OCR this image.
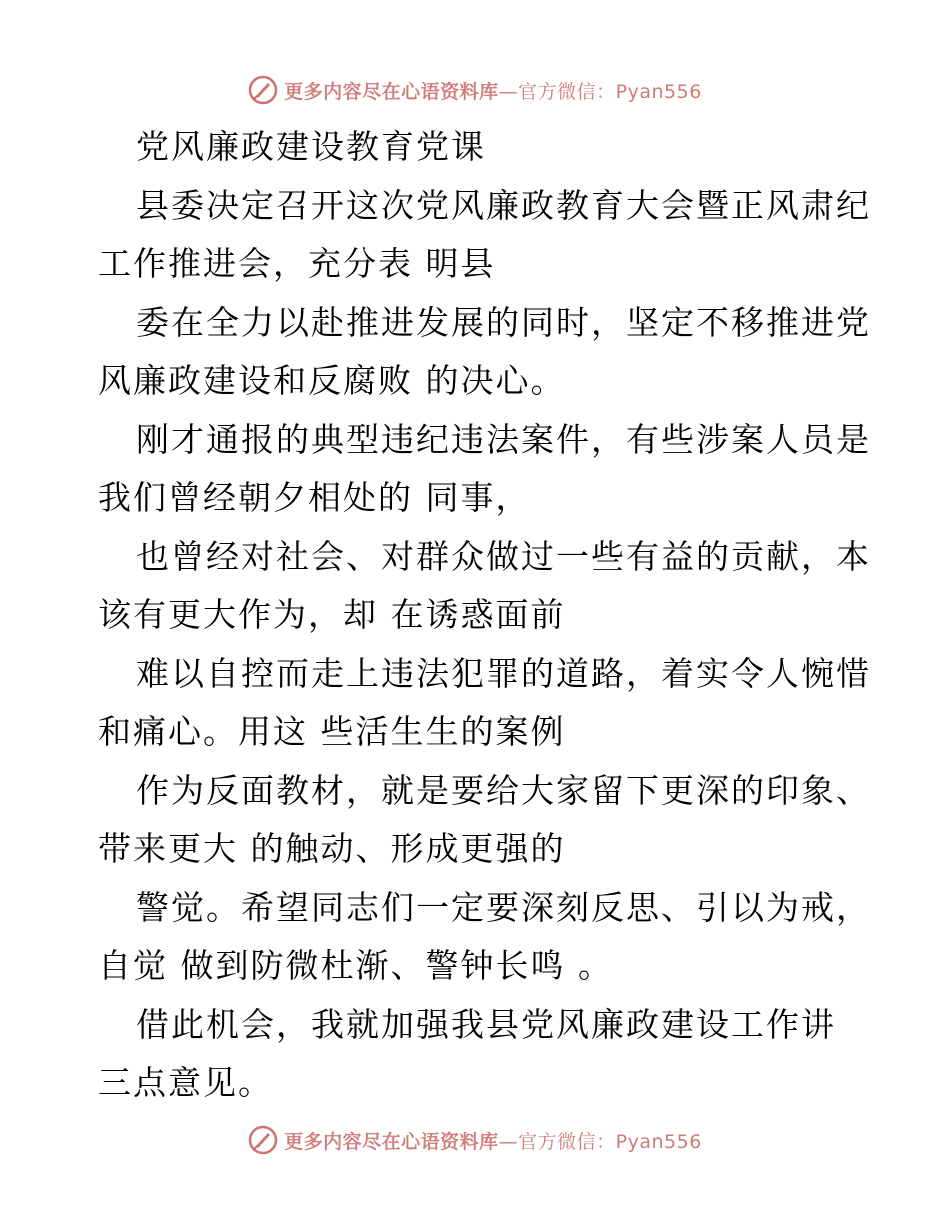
更多内容尽在心语资料库—官方微信：Pyan556

党风廉政建设教育党课
县委决定召开这次党风廉政教育大会暨正风肃纪
工作推进会，充分表 明县
委在全力以赴推进发展的同时，坚定不移推进党
风廉政建设和反腐败 的决心。
刚才通报的典型违纪违法案件，有些涉案人员是
我们曾经朝夕相处的 同事，
也曾经对社会、对群众做过一些有益的贡献，本
该有更大作为，却 在诱惑面前
难以自控而走上违法犯罪的道路，着实令人惋惜
和痛心。用这 些活生生的案例
作为反面教材，就是要给大家留下更深的印象、
带来更大 的触动、形成更强的
警觉。希望同志们一定要深刻反思、引以为戒，
自觉 做到防微杜渐、警钟长鸣 。
借此机会，我就加强我县党风廉政建设工作讲
三点意见。

更多内容尽在心语资料库—官方微信：Pyan556
